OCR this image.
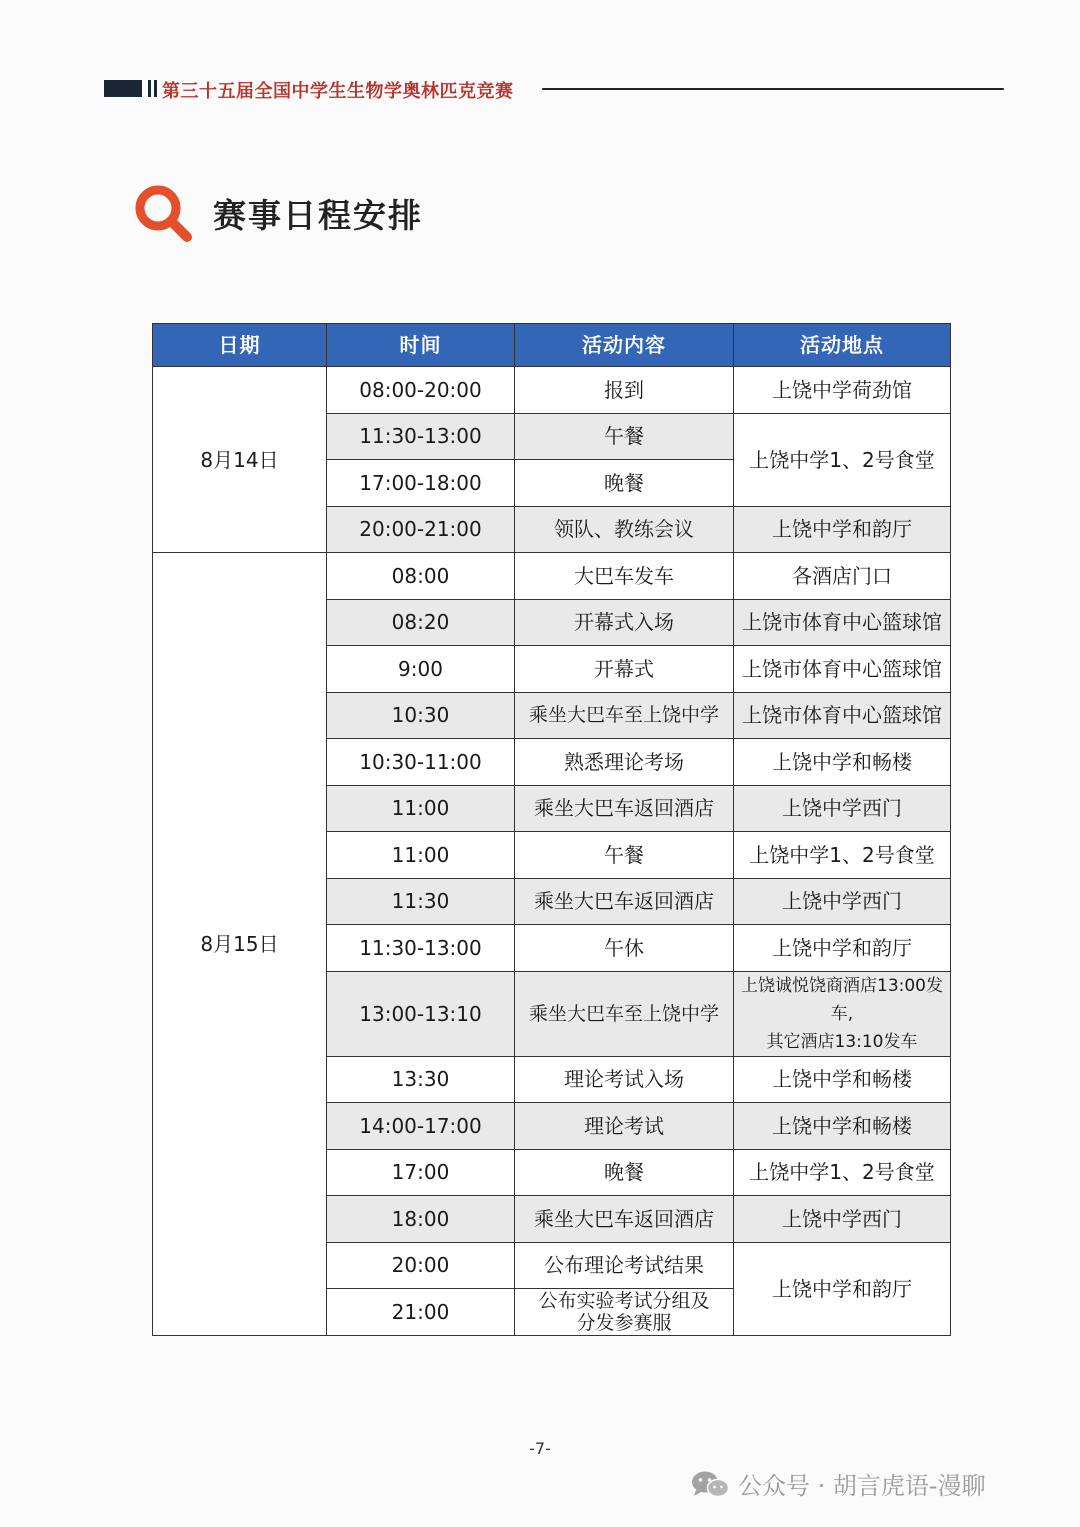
第三十五届全国中学生生物学奥林匹克竞赛
赛事日程安排
日期	时间	活动内容	活动地点
8月14日	08:00-20:00	报到	上饶中学荷劲馆
	11:30-13:00	午餐	上饶中学1、2号食堂
	17:00-18:00	晚餐	
	20:00-21:00	领队、教练会议	上饶中学和韵厅
8月15日	08:00	大巴车发车	各酒店门口
	08:20	开幕式入场	上饶市体育中心篮球馆
	9:00	开幕式	上饶市体育中心篮球馆
	10:30	乘坐大巴车至上饶中学	上饶市体育中心篮球馆
	10:30-11:00	熟悉理论考场	上饶中学和畅楼
	11:00	乘坐大巴车返回酒店	上饶中学西门
	11:00	午餐	上饶中学1、2号食堂
	11:30	乘坐大巴车返回酒店	上饶中学西门
	11:30-13:00	午休	上饶中学和韵厅
	13:00-13:10	乘坐大巴车至上饶中学	上饶诚悦饶商酒店13:00发车,
其它酒店13:10发车

	13:30	理论考试入场	上饶中学和畅楼
	14:00-17:00	理论考试	上饶中学和畅楼
	17:00	晚餐	上饶中学1、2号食堂
	18:00	乘坐大巴车返回酒店	上饶中学西门
	20:00	公布理论考试结果	上饶中学和韵厅
	21:00	公布实验考试分组及
分发参赛服	
-7-
公众号 · 胡言虎语-漫聊
